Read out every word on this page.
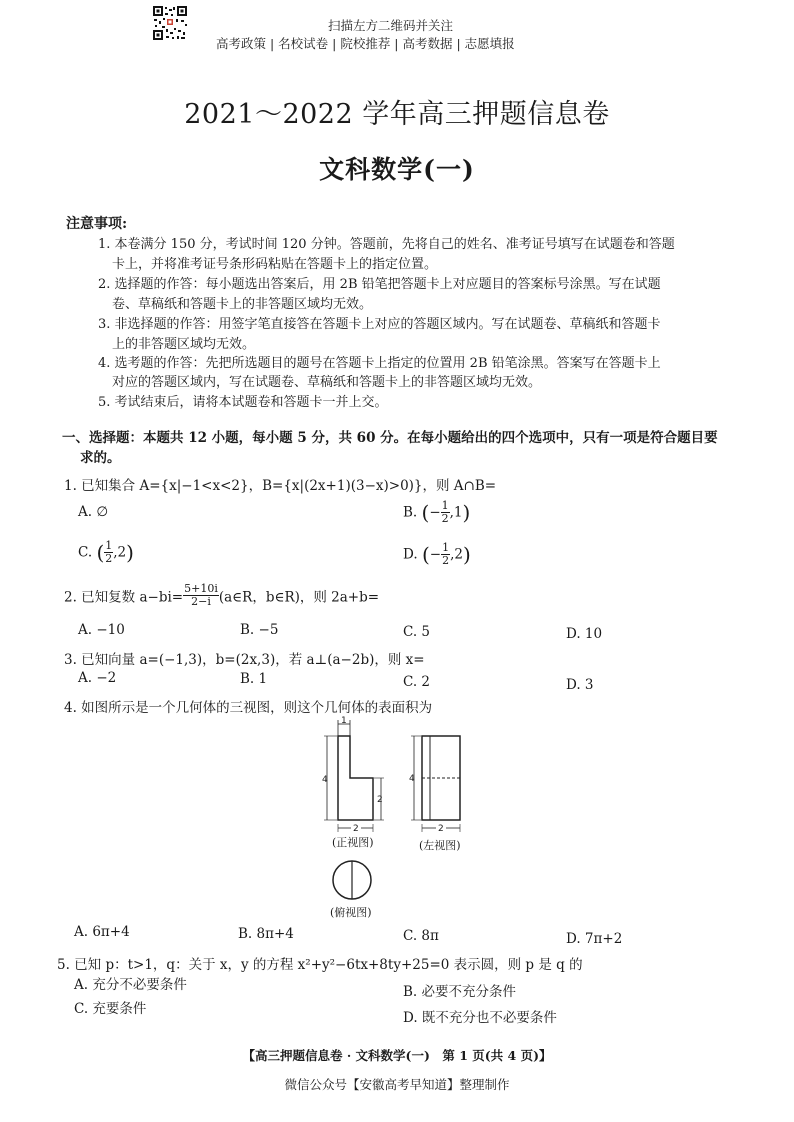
扫描左方二维码并关注
高考政策 | 名校试卷 | 院校推荐 | 高考数据 | 志愿填报
2021～2022 学年高三押题信息卷
文科数学(一)
注意事项:
1. 本卷满分 150 分，考试时间 120 分钟。答题前，先将自己的姓名、准考证号填写在试题卷和答题
卡上，并将准考证号条形码粘贴在答题卡上的指定位置。
2. 选择题的作答：每小题选出答案后，用 2B 铅笔把答题卡上对应题目的答案标号涂黑。写在试题
卷、草稿纸和答题卡上的非答题区域均无效。
3. 非选择题的作答：用签字笔直接答在答题卡上对应的答题区域内。写在试题卷、草稿纸和答题卡
上的非答题区域均无效。
4. 选考题的作答：先把所选题目的题号在答题卡上指定的位置用 2B 铅笔涂黑。答案写在答题卡上
对应的答题区域内，写在试题卷、草稿纸和答题卡上的非答题区域均无效。
5. 考试结束后，请将本试题卷和答题卡一并上交。
一、选择题：本题共 12 小题，每小题 5 分，共 60 分。在每小题给出的四个选项中，只有一项是符合题目要
求的。
1. 已知集合 A={x|−1<x<2}，B={x|(2x+1)(3−x)>0)}，则 A∩B=
A. ∅	B. (− $\frac{1}{2} ,1$)
C. ( $\frac{1}{2} ,2$)	D. (− $\frac{1}{2} ,2$)
2. 已知复数 $a-bi= \frac{5+10i}{2-i}$ (a∈R，b∈R)，则 2a+b=
A. −10	B. −5	C. 5	D. 10
3. 已知向量 a=(−1,3)，b=(2x,3)，若 a⊥(a−2b)，则 x=
A. −2	B. 1	C. 2	D. 3
4. 如图所示是一个几何体的三视图，则这个几何体的表面积为
1
4
2
2
(正视图)
4
2
(左视图)
(俯视图)
A. 6π+4	B. 8π+4	C. 8π	D. 7π+2
5. 已知 p：t>1，q：关于 x，y 的方程 x²+y²−6tx+8ty+25=0 表示圆，则 p 是 q 的
A. 充分不必要条件	B. 必要不充分条件
C. 充要条件
D. 既不充分也不必要条件
【高三押题信息卷 · 文科数学(一)　第 1 页(共 4 页)】
微信公众号【安徽高考早知道】整理制作
